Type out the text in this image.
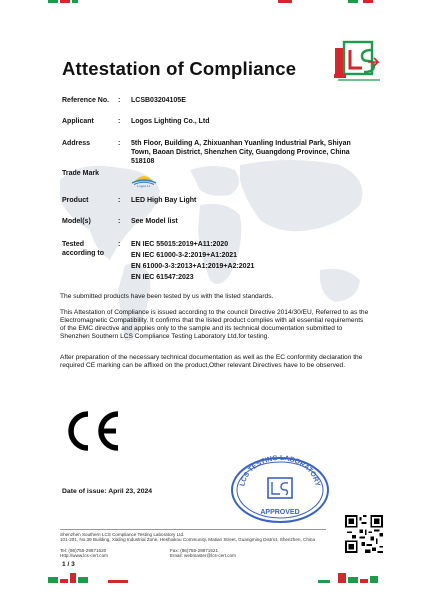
Attestation of Compliance
Reference No. : LCSB03204105E
Applicant	: Logos Lighting Co., Ltd
Address	: 5th Floor, Building A, Zhixuanhan Yuanling Industrial Park, Shiyan Town, Baoan District, Shenzhen City, Guangdong Province, China 518108
Trade Mark
Logos Lt.
Product	: LED High Bay Light
Model(s)	: See Model list
Tested
according to
: EN IEC 55015:2019+A11:2020
EN IEC 61000-3-2:2019+A1:2021
EN 61000-3-3:2013+A1:2019+A2:2021
EN IEC 61547:2023
The submitted products have been tested by us with the listed standards.
This Attestation of Compliance is issued according to the council Directive 2014/30/EU, Referred to as the Electromagnetic Compatibility. It confirms that the listed product complies with all essential requirements of the EMC directive and applies only to the sample and its technical documentation submitted to Shenzhen Southern LCS Compliance Testing Laboratory Ltd.for testing.
After preparation of the necessary technical documentation as well as the EC conformity declaration the required CE marking can be affixed on the product,Other relevant Directives have to be observed.
Date of issue: April 23, 2024
LCS TESTING LABORATORY
APPROVED
Shenzhen Southern LCS Compliance Testing Laboratory Ltd.
101-201, No.39 Building, Xialing Industrial Zone, Heshuikou Community, Matian Street, Guangming District, Shenzhen, China
Tel: (86)755-29871520	Fax: (86)755-29871521
Http://www.lcs-cert.com	Email: webmaster@lcs-cert.com
1 / 3
